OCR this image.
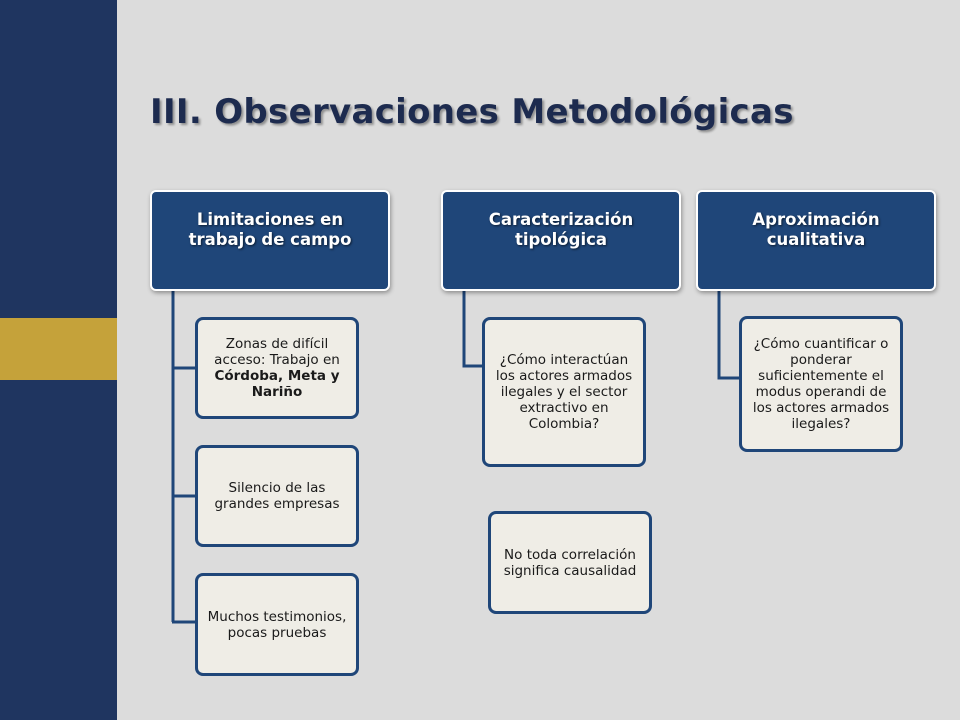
III. Observaciones Metodológicas
Limitaciones en trabajo de campo
Zonas de difícil acceso: Trabajo en
Córdoba, Meta y Nariño
Silencio de las grandes empresas
Muchos testimonios, pocas pruebas
Caracterización tipológica
¿Cómo interactúan los actores armados ilegales y el sector extractivo en Colombia?
No toda correlación significa causalidad
Aproximación cualitativa
¿Cómo cuantificar o ponderar suficientemente el modus operandi de los actores armados ilegales?
